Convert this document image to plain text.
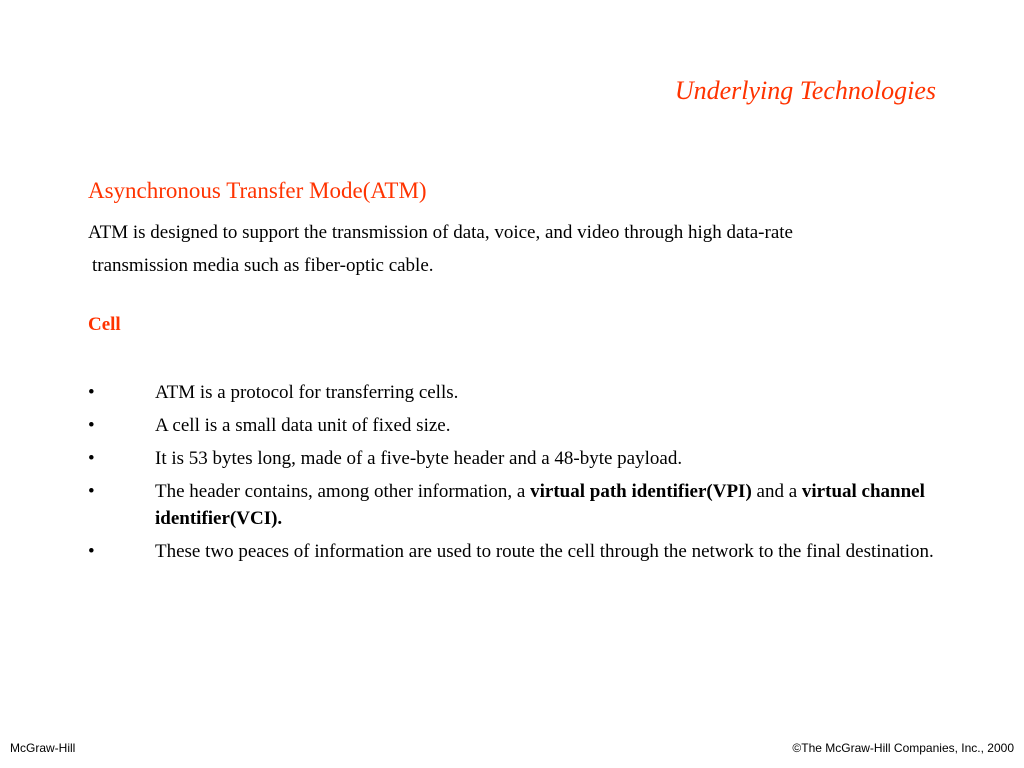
Underlying Technologies
Asynchronous Transfer Mode(ATM)
ATM is designed to support the transmission of data, voice, and video through high data-rate
transmission media such as fiber-optic cable.
Cell
•	ATM is a protocol for transferring cells.
•	A cell is a small data unit of fixed size.
•	It is 53 bytes long, made of a five-byte header and a 48-byte payload.
•	The header contains, among other information, a virtual path identifier(VPI) and a virtual channel identifier(VCI).
•	These two peaces of information are used to route the cell through the network to the final destination.
McGraw-Hill	©The McGraw-Hill Companies, Inc., 2000
